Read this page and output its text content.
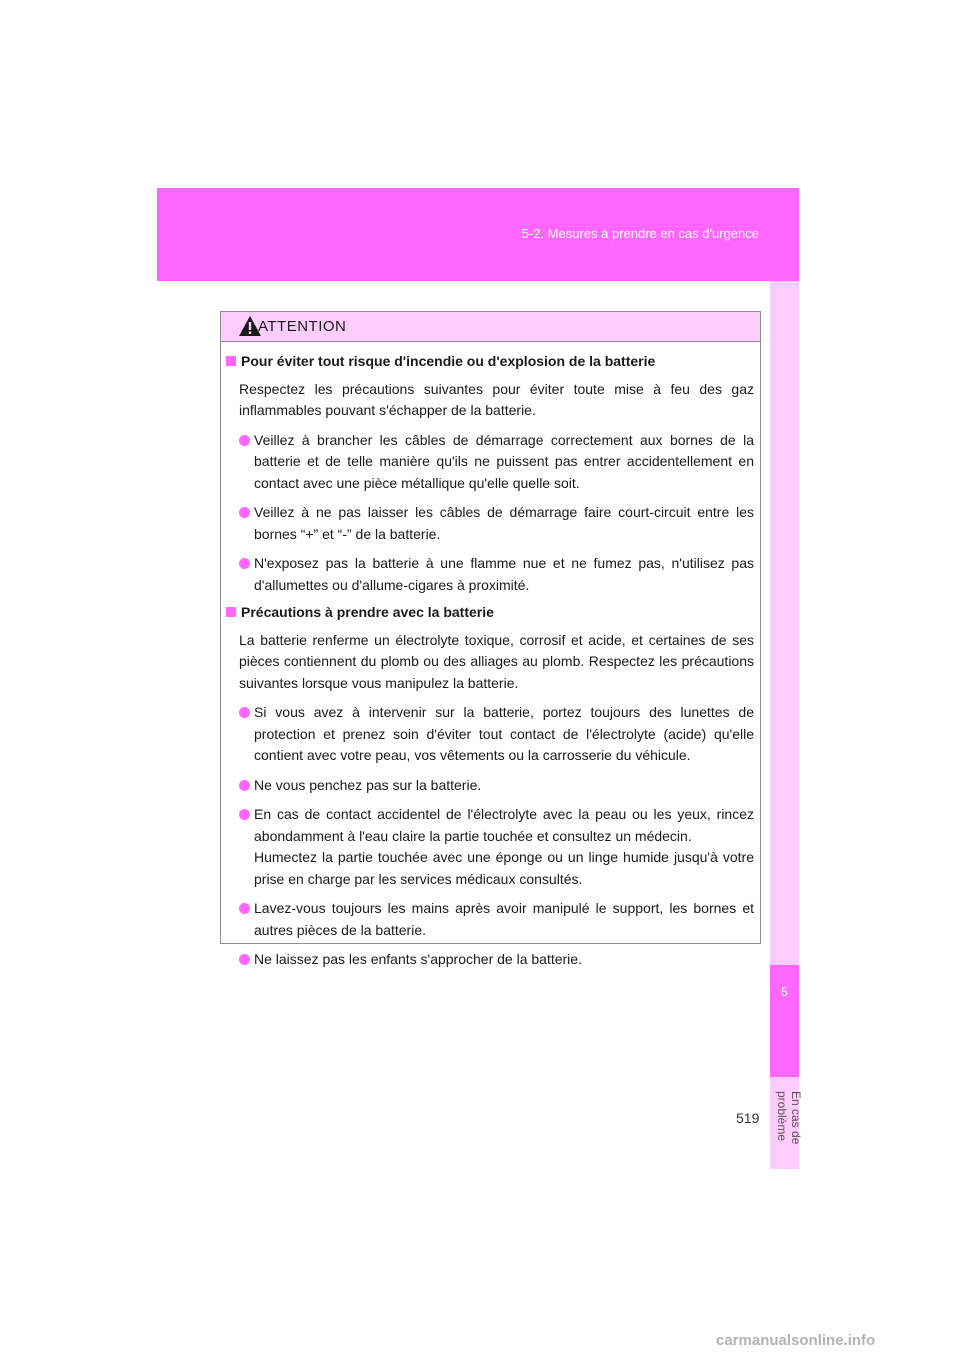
5-2. Mesures à prendre en cas d'urgence
5
En cas de problème
ATTENTION
Pour éviter tout risque d'incendie ou d'explosion de la batterie
Respectez les précautions suivantes pour éviter toute mise à feu des gaz inflammables pouvant s'échapper de la batterie.
Veillez à brancher les câbles de démarrage correctement aux bornes de la batterie et de telle manière qu'ils ne puissent pas entrer accidentellement en contact avec une pièce métallique qu'elle quelle soit.
Veillez à ne pas laisser les câbles de démarrage faire court-circuit entre les bornes “+” et “-” de la batterie.
N'exposez pas la batterie à une flamme nue et ne fumez pas, n'utilisez pas d'allumettes ou d'allume-cigares à proximité.
Précautions à prendre avec la batterie
La batterie renferme un électrolyte toxique, corrosif et acide, et certaines de ses pièces contiennent du plomb ou des alliages au plomb. Respectez les précautions suivantes lorsque vous manipulez la batterie.
Si vous avez à intervenir sur la batterie, portez toujours des lunettes de protection et prenez soin d'éviter tout contact de l'électrolyte (acide) qu'elle contient avec votre peau, vos vêtements ou la carrosserie du véhicule.
Ne vous penchez pas sur la batterie.
En cas de contact accidentel de l'électrolyte avec la peau ou les yeux, rincez abondamment à l'eau claire la partie touchée et consultez un médecin.
Humectez la partie touchée avec une éponge ou un linge humide jusqu'à votre prise en charge par les services médicaux consultés.
Lavez-vous toujours les mains après avoir manipulé le support, les bornes et autres pièces de la batterie.
Ne laissez pas les enfants s'approcher de la batterie.
519
carmanualsonline.info
